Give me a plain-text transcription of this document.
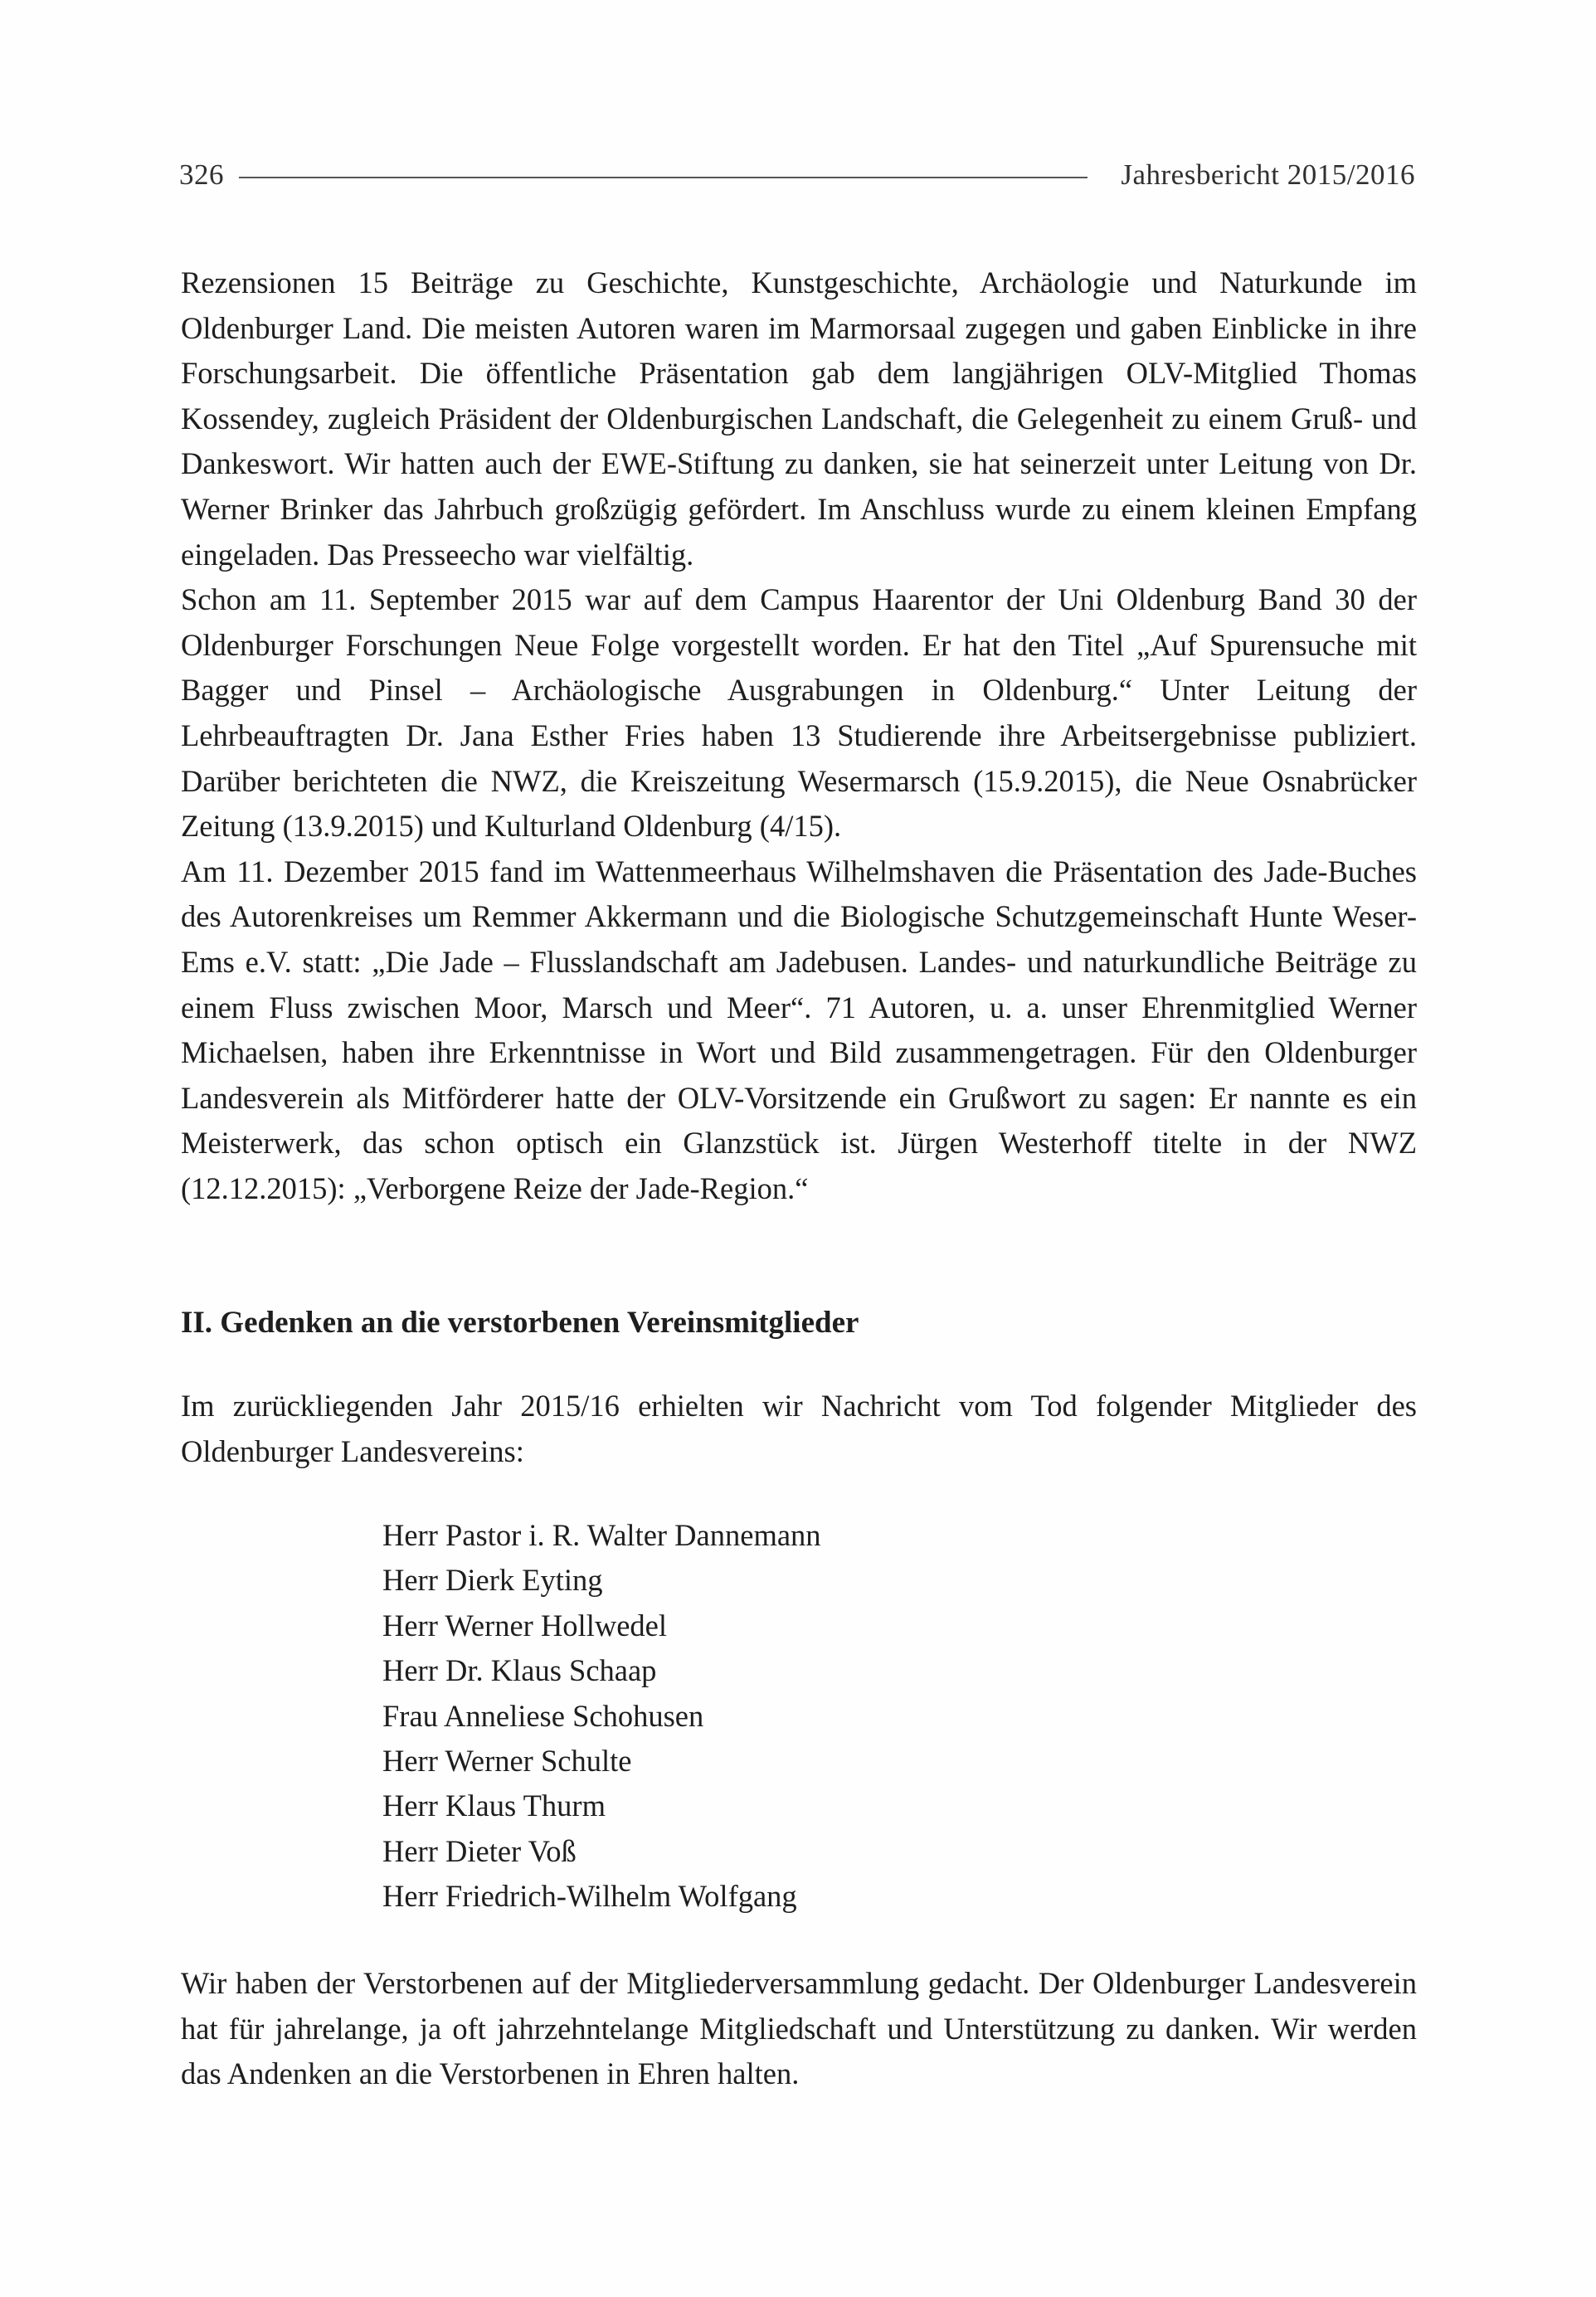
326	Jahresbericht 2015/2016

Rezensionen 15 Beiträge zu Geschichte, Kunstgeschichte, Archäologie und Naturkunde im Oldenburger Land. Die meisten Autoren waren im Marmorsaal zugegen und gaben Einblicke in ihre Forschungsarbeit. Die öffentliche Präsentation gab dem langjährigen OLV-Mitglied Thomas Kossendey, zugleich Präsident der Oldenburgischen Landschaft, die Gelegenheit zu einem Gruß- und Dankeswort. Wir hatten auch der EWE-Stiftung zu danken, sie hat seinerzeit unter Leitung von Dr. Werner Brinker das Jahrbuch großzügig gefördert. Im Anschluss wurde zu einem kleinen Empfang eingeladen. Das Presseecho war vielfältig.

Schon am 11. September 2015 war auf dem Campus Haarentor der Uni Oldenburg Band 30 der Oldenburger Forschungen Neue Folge vorgestellt worden. Er hat den Titel „Auf Spurensuche mit Bagger und Pinsel – Archäologische Ausgrabungen in Oldenburg.“ Unter Leitung der Lehrbeauftragten Dr. Jana Esther Fries haben 13 Studierende ihre Arbeitsergebnisse publiziert. Darüber berichteten die NWZ, die Kreiszeitung Wesermarsch (15.9.2015), die Neue Osnabrücker Zeitung (13.9.2015) und Kulturland Oldenburg (4/15).

Am 11. Dezember 2015 fand im Wattenmeerhaus Wilhelmshaven die Präsentation des Jade-Buches des Autorenkreises um Remmer Akkermann und die Biologische Schutzgemeinschaft Hunte Weser-Ems e.V. statt: „Die Jade – Flusslandschaft am Jadebusen. Landes- und naturkundliche Beiträge zu einem Fluss zwischen Moor, Marsch und Meer“. 71 Autoren, u. a. unser Ehrenmitglied Werner Michaelsen, haben ihre Erkenntnisse in Wort und Bild zusammengetragen. Für den Oldenburger Landesverein als Mitförderer hatte der OLV-Vorsitzende ein Grußwort zu sagen: Er nannte es ein Meisterwerk, das schon optisch ein Glanzstück ist. Jürgen Westerhoff titelte in der NWZ (12.12.2015): „Verborgene Reize der Jade-Region.“

II. Gedenken an die verstorbenen Vereinsmitglieder

Im zurückliegenden Jahr 2015/16 erhielten wir Nachricht vom Tod folgender Mitglieder des Oldenburger Landesvereins:

Herr Pastor i. R. Walter Dannemann
Herr Dierk Eyting
Herr Werner Hollwedel
Herr Dr. Klaus Schaap
Frau Anneliese Schohusen
Herr Werner Schulte
Herr Klaus Thurm
Herr Dieter Voß
Herr Friedrich-Wilhelm Wolfgang

Wir haben der Verstorbenen auf der Mitgliederversammlung gedacht. Der Oldenburger Landesverein hat für jahrelange, ja oft jahrzehntelange Mitgliedschaft und Unterstützung zu danken. Wir werden das Andenken an die Verstorbenen in Ehren halten.
